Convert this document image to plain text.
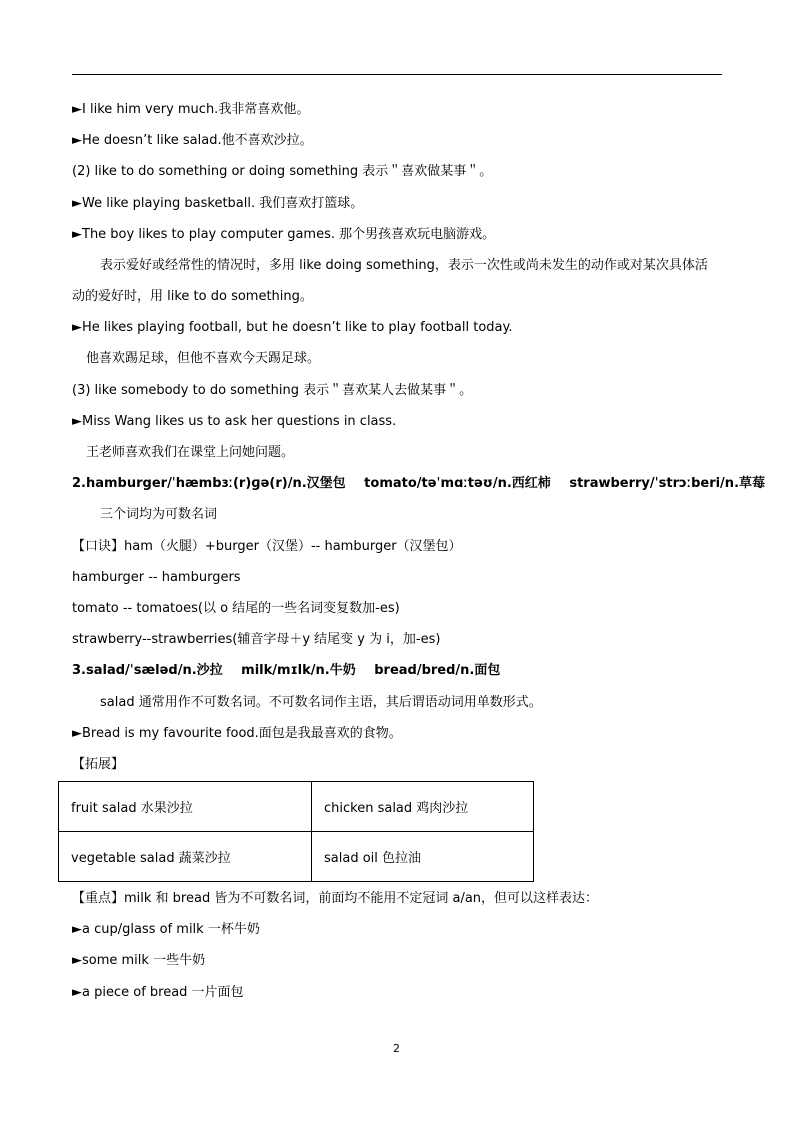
►I like him very much.我非常喜欢他。
►He doesn’t like salad.他不喜欢沙拉。
(2) like to do something or doing something 表示＂喜欢做某事＂。
►We like playing basketball. 我们喜欢打篮球。
►The boy likes to play computer games. 那个男孩喜欢玩电脑游戏。
表示爱好或经常性的情况时，多用 like doing something，表示一次性或尚未发生的动作或对某次具体活
动的爱好时，用 like to do something。
►He likes playing football, but he doesn’t like to play football today.
他喜欢踢足球，但他不喜欢今天踢足球。
(3) like somebody to do something 表示＂喜欢某人去做某事＂。
►Miss Wang likes us to ask her questions in class.
王老师喜欢我们在课堂上问她问题。
2.hamburger/ˈhæmbɜː(r)ɡə(r)/n.汉堡包 tomato/təˈmɑːtəʊ/n.西红柿 strawberry/ˈstrɔːberi/n.草莓
三个词均为可数名词
【口诀】ham（火腿）+burger（汉堡）-- hamburger（汉堡包）
hamburger -- hamburgers
tomato -- tomatoes(以 o 结尾的一些名词变复数加-es)
strawberry--strawberries(辅音字母＋y 结尾变 y 为 i，加-es)
3.salad/ˈsæləd/n.沙拉 milk/mɪlk/n.牛奶 bread/bred/n.面包
salad 通常用作不可数名词。不可数名词作主语，其后谓语动词用单数形式。
►Bread is my favourite food.面包是我最喜欢的食物。
【拓展】
fruit salad 水果沙拉	chicken salad 鸡肉沙拉
vegetable salad 蔬菜沙拉	salad oil 色拉油
【重点】milk 和 bread 皆为不可数名词，前面均不能用不定冠词 a/an，但可以这样表达：
►a cup/glass of milk 一杯牛奶
►some milk 一些牛奶
►a piece of bread 一片面包
2
